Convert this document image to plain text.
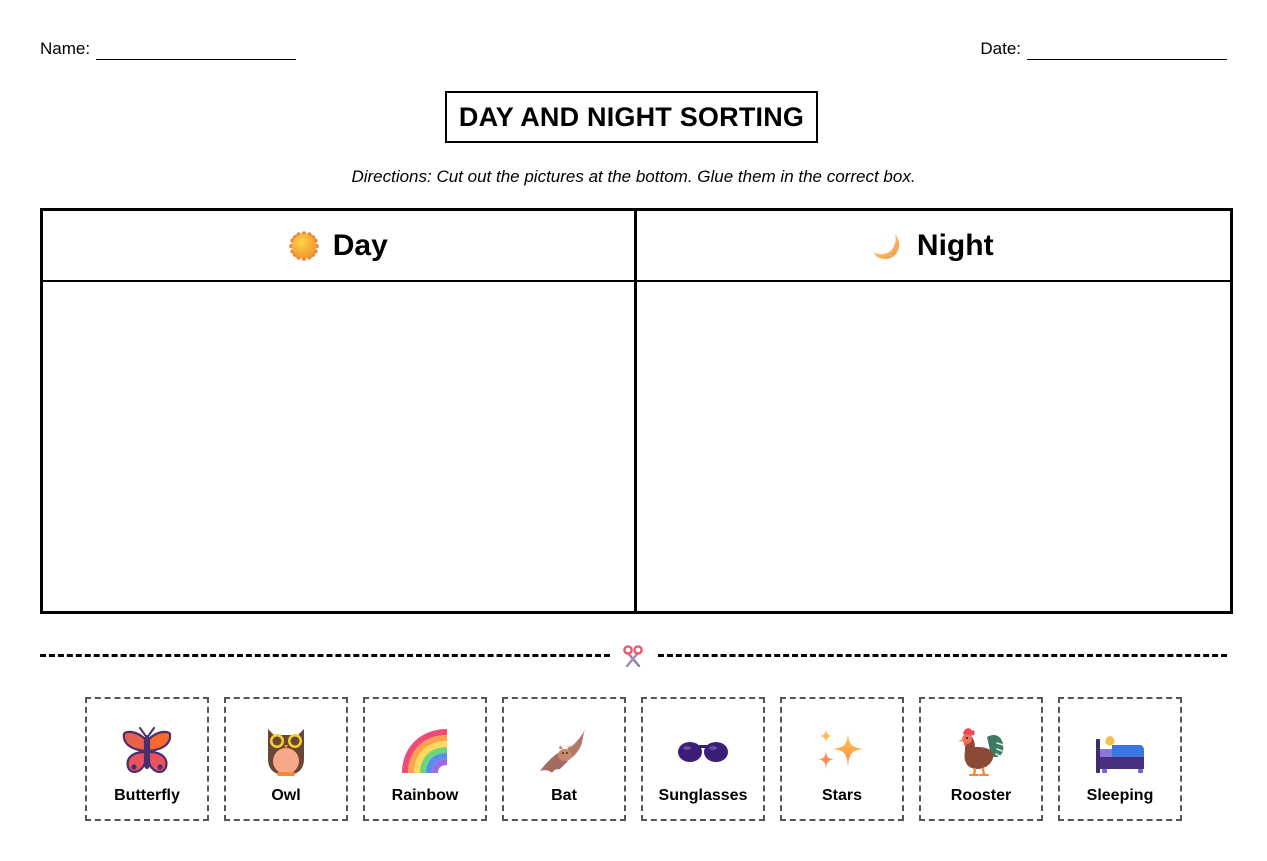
Name:	Date:
DAY AND NIGHT SORTING
Directions: Cut out the pictures at the bottom. Glue them in the correct box.
Day	Night
Butterfly	Owl	Rainbow	Bat	Sunglasses	Stars	Rooster	Sleeping
